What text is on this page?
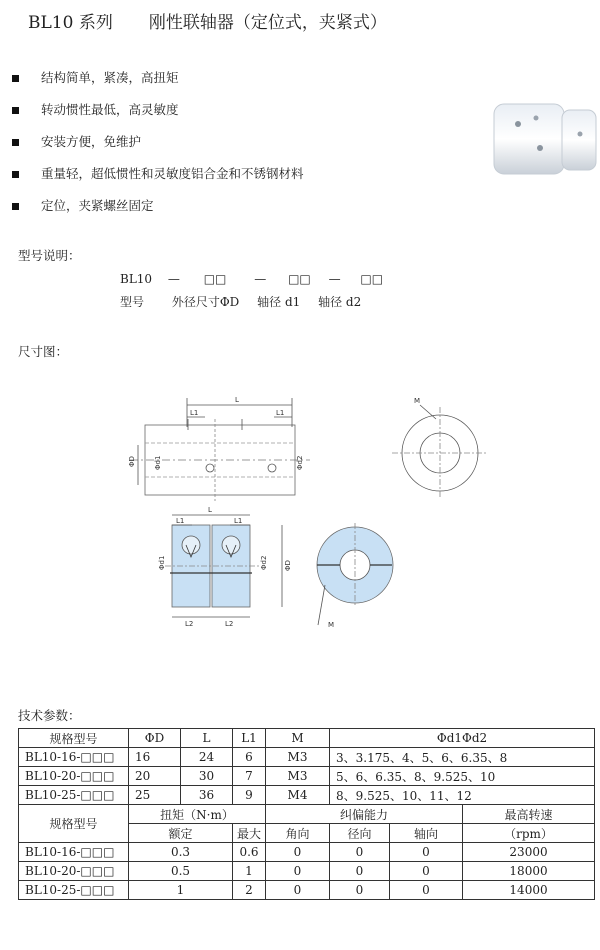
BL10 系列 刚性联轴器（定位式，夹紧式）
结构简单，紧凑，高扭矩
转动惯性最低，高灵敏度
安装方便，免维护
重量轻，超低惯性和灵敏度铝合金和不锈钢材料
定位，夹紧螺丝固定
型号说明：
BL10 — □□ — □□ — □□
型号 外径尺寸ΦD 轴径 d1 轴径 d2
尺寸图：
L
L1	L1
ΦD	Φd1	Φd2
M
L
L1	L1
L2	L2
Φd1	Φd2 ΦD
M
技术参数：
规格型号	ΦD	L	L1	M	Φd1Φd2		
BL10-16-□□□	16	24	6	M3	3、3.175、4、5、6、6.35、8		
BL10-20-□□□	20	30	7	M3	5、6、6.35、8、9.525、10		
BL10-25-□□□	25	36	9	M4	8、9.525、10、11、12		
规格型号	扭矩（N·m）			纠偏能力			最高转速
	额定		最大	角向	径向	轴向	（rpm）
BL10-16-□□□	0.3		0.6	0	0	0	23000
BL10-20-□□□	0.5		1	0	0	0	18000
BL10-25-□□□	1		2	0	0	0	14000
